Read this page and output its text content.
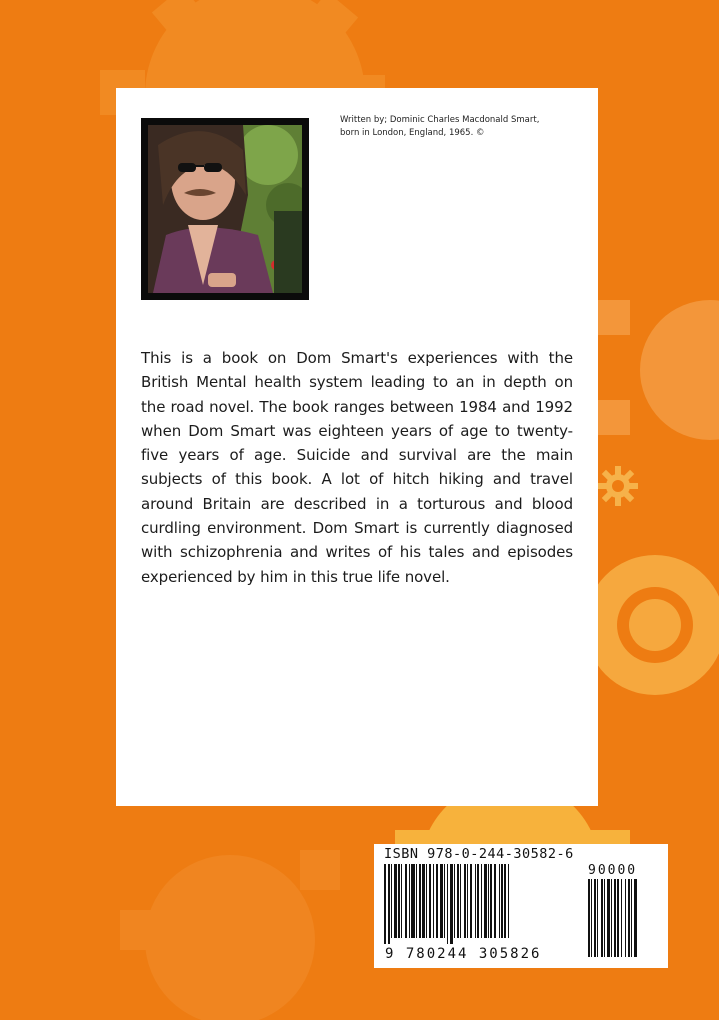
Written by; Dominic Charles Macdonald Smart,
born in London, England, 1965. ©
This is a book on Dom Smart's experiences with the British Mental health system leading to an in depth on the road novel. The book ranges between 1984 and 1992 when Dom Smart was eighteen years of age to twenty-five years of age. Suicide and survival are the main subjects of this book. A lot of hitch hiking and travel around Britain are described in a torturous and blood curdling environment. Dom Smart is currently diagnosed with schizophrenia and writes of his tales and episodes experienced by him in this true life novel.
ISBN 978-0-244-30582-6
9 780244 305826
90000
